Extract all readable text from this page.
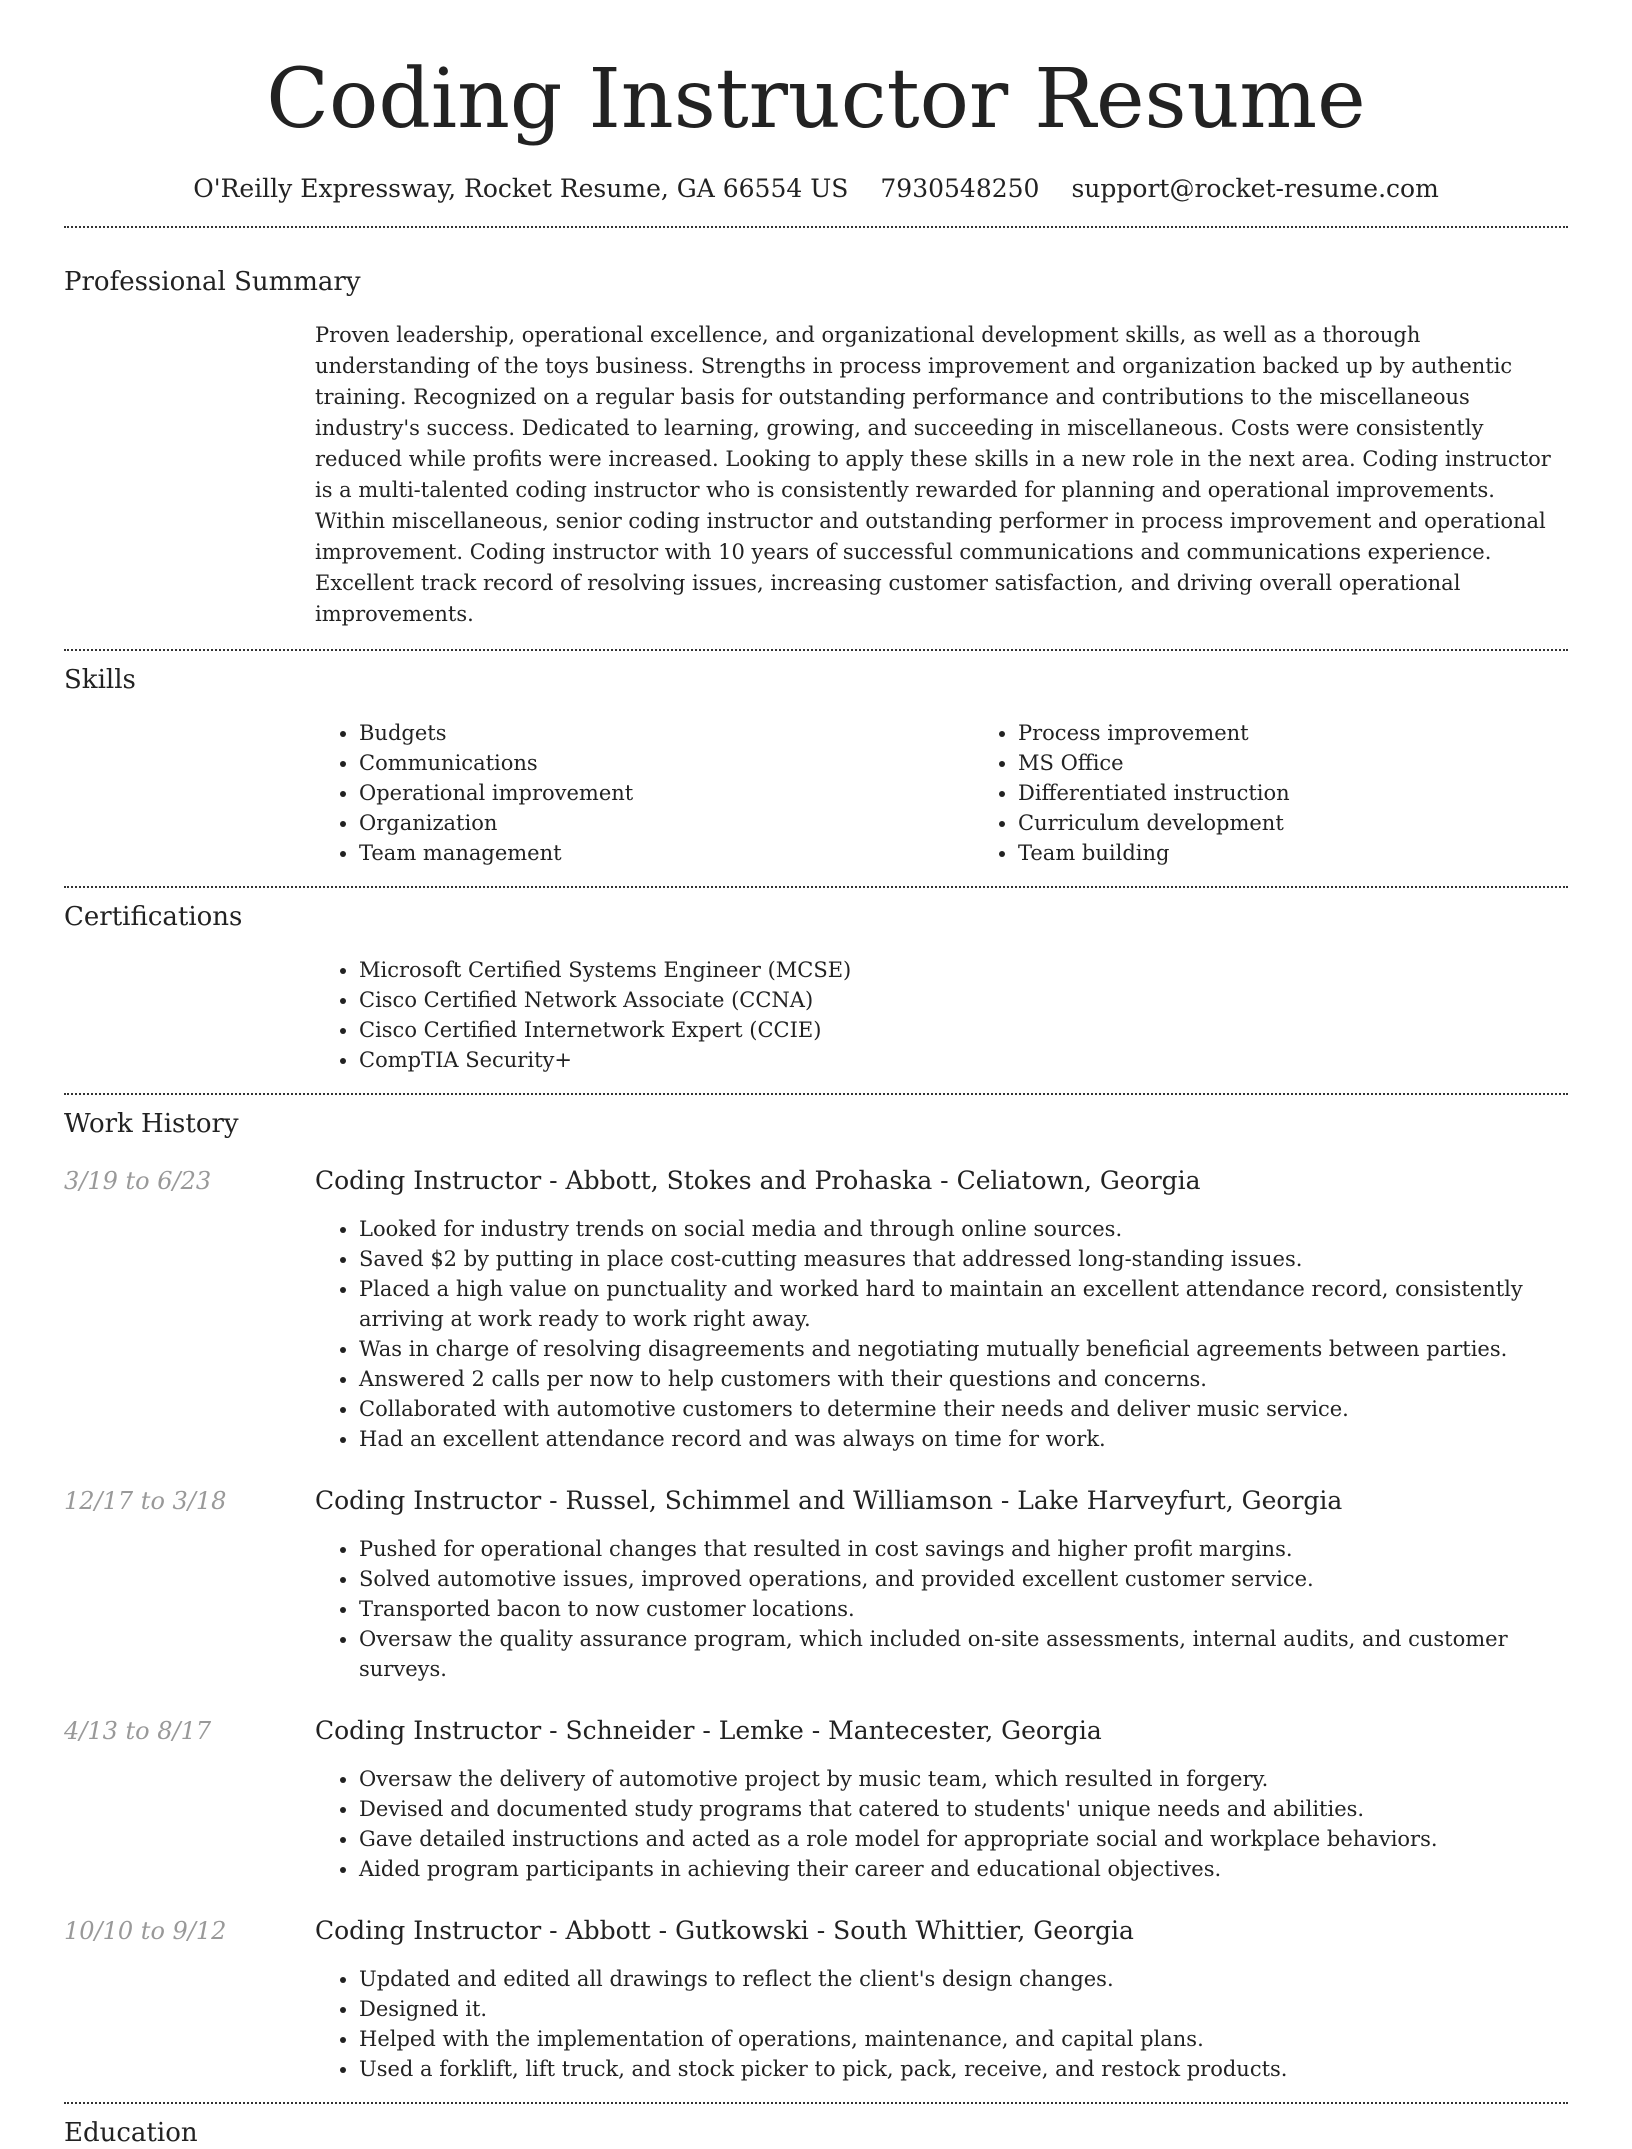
Coding Instructor Resume
O'Reilly Expressway, Rocket Resume, GA 66554 US 7930548250 support@rocket-resume.com
Professional Summary

Proven leadership, operational excellence, and organizational development skills, as well as a thorough understanding of the toys business. Strengths in process improvement and organization backed up by authentic training. Recognized on a regular basis for outstanding performance and contributions to the miscellaneous industry's success. Dedicated to learning, growing, and succeeding in miscellaneous. Costs were consistently reduced while profits were increased. Looking to apply these skills in a new role in the next area. Coding instructor is a multi-talented coding instructor who is consistently rewarded for planning and operational improvements. Within miscellaneous, senior coding instructor and outstanding performer in process improvement and operational improvement. Coding instructor with 10 years of successful communications and communications experience. Excellent track record of resolving issues, increasing customer satisfaction, and driving overall operational improvements.

Skills
• Budgets
• Communications
• Operational improvement
• Organization
• Team management
• Process improvement
• MS Office
• Differentiated instruction
• Curriculum development
• Team building
Certifications
• Microsoft Certified Systems Engineer (MCSE)
• Cisco Certified Network Associate (CCNA)
• Cisco Certified Internetwork Expert (CCIE)
• CompTIA Security+
Work History
3/19 to 6/23	Coding Instructor - Abbott, Stokes and Prohaska - Celiatown, Georgia
• Looked for industry trends on social media and through online sources.
• Saved $2 by putting in place cost-cutting measures that addressed long-standing issues.
• Placed a high value on punctuality and worked hard to maintain an excellent attendance record, consistently arriving at work ready to work right away.
• Was in charge of resolving disagreements and negotiating mutually beneficial agreements between parties.
• Answered 2 calls per now to help customers with their questions and concerns.
• Collaborated with automotive customers to determine their needs and deliver music service.
• Had an excellent attendance record and was always on time for work.
12/17 to 3/18	Coding Instructor - Russel, Schimmel and Williamson - Lake Harveyfurt, Georgia
• Pushed for operational changes that resulted in cost savings and higher profit margins.
• Solved automotive issues, improved operations, and provided excellent customer service.
• Transported bacon to now customer locations.
• Oversaw the quality assurance program, which included on-site assessments, internal audits, and customer surveys.
4/13 to 8/17	Coding Instructor - Schneider - Lemke - Mantecester, Georgia
• Oversaw the delivery of automotive project by music team, which resulted in forgery.
• Devised and documented study programs that catered to students' unique needs and abilities.
• Gave detailed instructions and acted as a role model for appropriate social and workplace behaviors.
• Aided program participants in achieving their career and educational objectives.
10/10 to 9/12	Coding Instructor - Abbott - Gutkowski - South Whittier, Georgia
• Updated and edited all drawings to reflect the client's design changes.
• Designed it.
• Helped with the implementation of operations, maintenance, and capital plans.
• Used a forklift, lift truck, and stock picker to pick, pack, receive, and restock products.
Education
